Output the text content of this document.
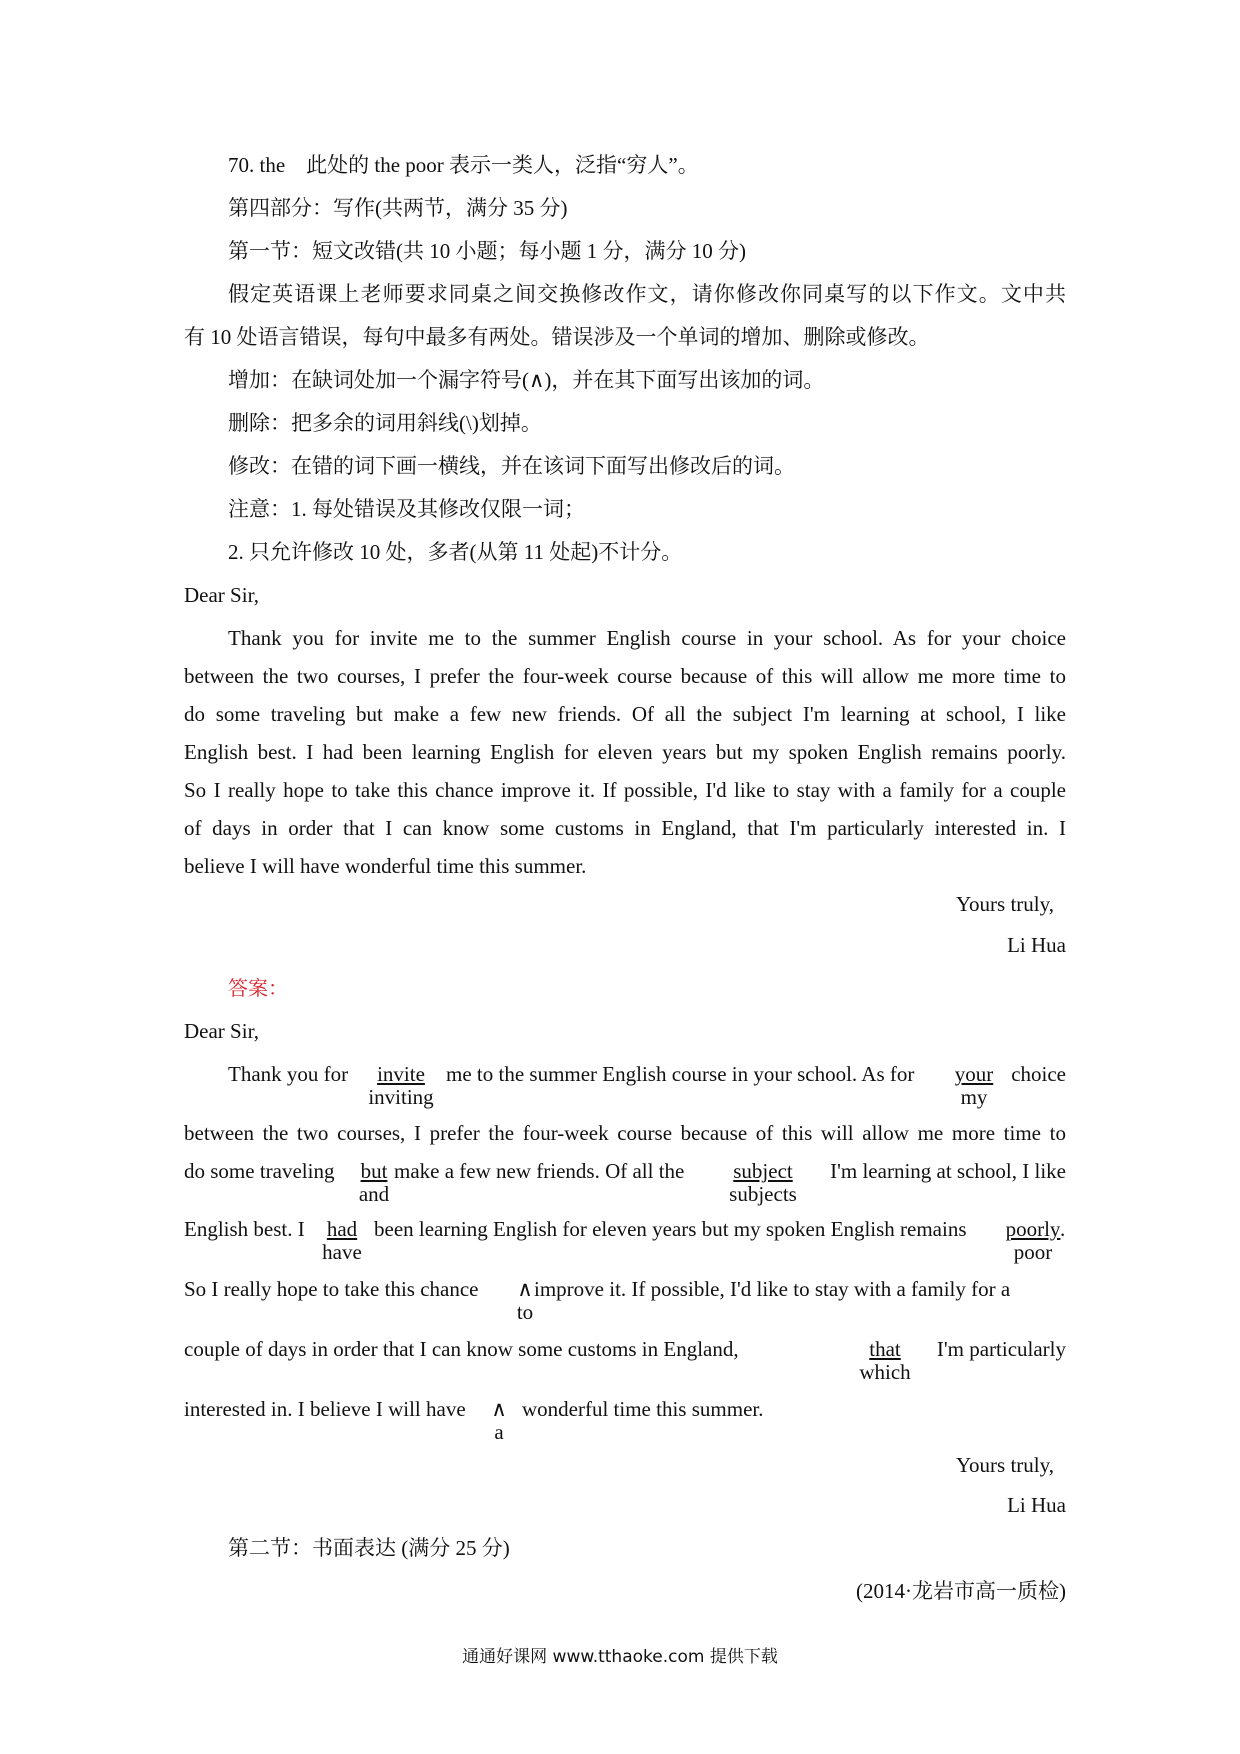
70. the　此处的 the poor 表示一类人，泛指“穷人”。
第四部分：写作(共两节，满分 35 分)
第一节：短文改错(共 10 小题；每小题 1 分，满分 10 分)
假定英语课上老师要求同桌之间交换修改作文，请你修改你同桌写的以下作文。文中共
有 10 处语言错误，每句中最多有两处。错误涉及一个单词的增加、删除或修改。
增加：在缺词处加一个漏字符号(∧)，并在其下面写出该加的词。
删除：把多余的词用斜线(\)划掉。
修改：在错的词下画一横线，并在该词下面写出修改后的词。
注意：1. 每处错误及其修改仅限一词；
2. 只允许修改 10 处，多者(从第 11 处起)不计分。
Dear Sir,
Thank you for invite me to the summer English course in your school. As for your choice
between the two courses, I prefer the four-week course because of this will allow me more time to
do some traveling but make a few new friends. Of all the subject I'm learning at school, I like
English best. I had been learning English for eleven years but my spoken English remains poorly.
So I really hope to take this chance improve it. If possible, I'd like to stay with a family for a couple
of days in order that I can know some customs in England, that I'm particularly interested in. I
believe I will have wonderful time this summer.
Yours truly,
Li Hua
答案：
Dear Sir,
Thank you for	invite
inviting
me to the summer English course in your school. As for	your
my
choice
between the two courses, I prefer the four-week course because of this will allow me more time to
do some traveling	but
and
make a few new friends. Of all the	subject
subjects
I'm learning at school, I like
English best. I	had
have
been learning English for eleven years but my spoken English remains poorly
poor
.
So I really hope to take this chance ∧
to
improve it. If possible, I'd like to stay with a family for a
couple of days in order that I can know some customs in England,	that
which
I'm particularly
interested in. I believe I will have ∧
a
wonderful time this summer.
Yours truly,
Li Hua
第二节：书面表达 (满分 25 分)
(2014·龙岩市高一质检)
通通好课网 www.tthaoke.com 提供下载
